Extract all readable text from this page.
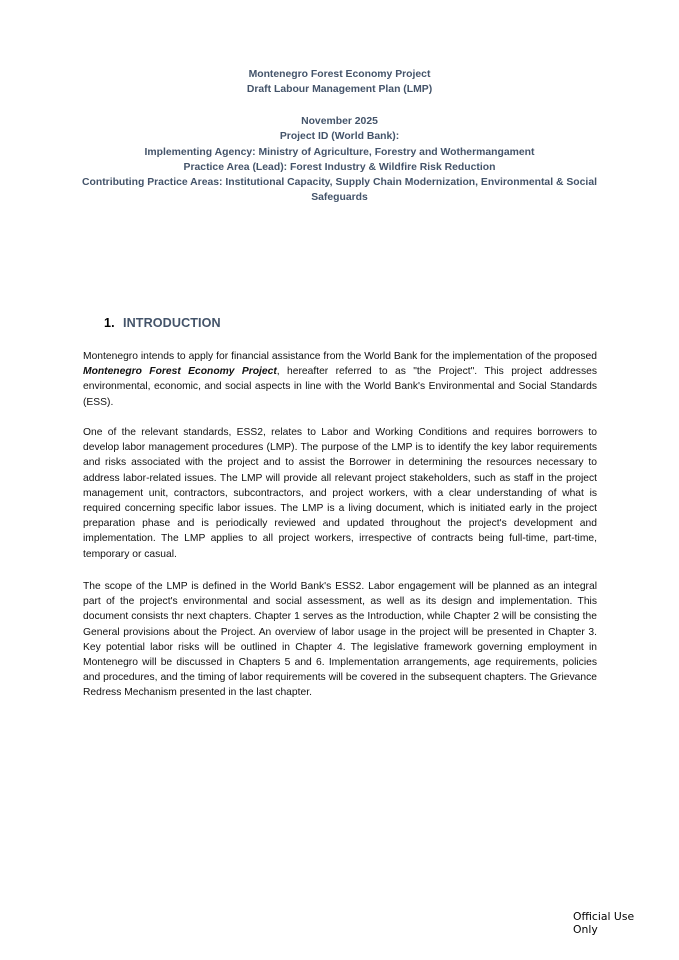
Montenegro Forest Economy Project
Draft Labour Management Plan (LMP)
November 2025
Project ID (World Bank):
Implementing Agency: Ministry of Agriculture, Forestry and Wothermangament
Practice Area (Lead): Forest Industry & Wildfire Risk Reduction
Contributing Practice Areas: Institutional Capacity, Supply Chain Modernization, Environmental & Social Safeguards
1. INTRODUCTION

Montenegro intends to apply for financial assistance from the World Bank for the implementation of the proposed Montenegro Forest Economy Project, hereafter referred to as "the Project". This project addresses environmental, economic, and social aspects in line with the World Bank's Environmental and Social Standards (ESS).

One of the relevant standards, ESS2, relates to Labor and Working Conditions and requires borrowers to develop labor management procedures (LMP). The purpose of the LMP is to identify the key labor requirements and risks associated with the project and to assist the Borrower in determining the resources necessary to address labor-related issues. The LMP will provide all relevant project stakeholders, such as staff in the project management unit, contractors, subcontractors, and project workers, with a clear understanding of what is required concerning specific labor issues. The LMP is a living document, which is initiated early in the project preparation phase and is periodically reviewed and updated throughout the project's development and implementation. The LMP applies to all project workers, irrespective of contracts being full-time, part-time, temporary or casual.

The scope of the LMP is defined in the World Bank's ESS2. Labor engagement will be planned as an integral part of the project's environmental and social assessment, as well as its design and implementation. This document consists thr next chapters. Chapter 1 serves as the Introduction, while Chapter 2 will be consisting the General provisions about the Project. An overview of labor usage in the project will be presented in Chapter 3. Key potential labor risks will be outlined in Chapter 4. The legislative framework governing employment in Montenegro will be discussed in Chapters 5 and 6. Implementation arrangements, age requirements, policies and procedures, and the timing of labor requirements will be covered in the subsequent chapters. The Grievance Redress Mechanism presented in the last chapter.

Official Use
Only
